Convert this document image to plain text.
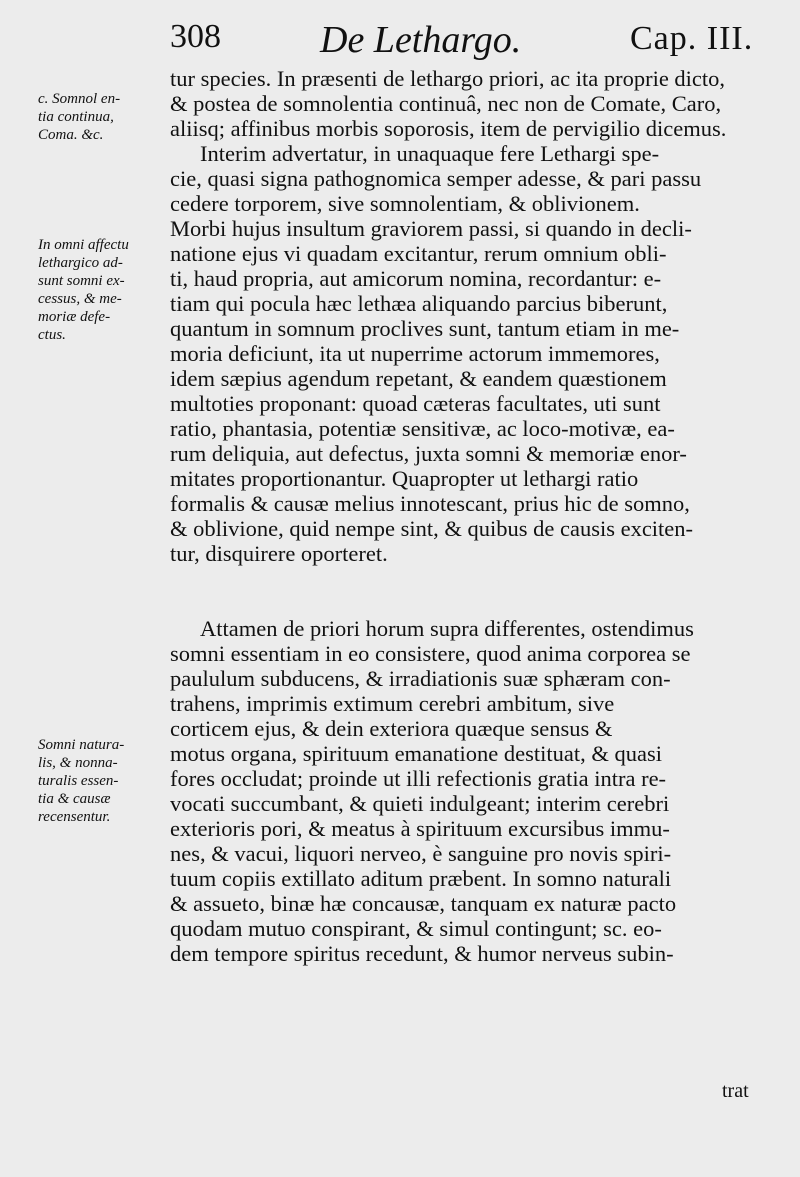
308	De Lethargo.	Cap. III.
c. Somnol en-
tia continua,
Coma. &c.
In omni affectu
lethargico ad-
sunt somni ex-
cessus, & me-
moriæ defe-
ctus.
Somni natura-
lis, & nonna-
turalis essen-
tia & causæ
recensentur.
tur species. In præsenti de lethargo priori, ac ita proprie dicto,
& postea de somnolentia continuâ, nec non de Comate, Caro,
aliisq; affinibus morbis soporosis, item de pervigilio dicemus.
Interim advertatur, in unaquaque fere Lethargi spe-
cie, quasi signa pathognomica semper adesse, & pari passu
cedere torporem, sive somnolentiam, & oblivionem.
Morbi hujus insultum graviorem passi, si quando in decli-
natione ejus vi quadam excitantur, rerum omnium obli-
ti, haud propria, aut amicorum nomina, recordantur: e-
tiam qui pocula hæc lethæa aliquando parcius biberunt,
quantum in somnum proclives sunt, tantum etiam in me-
moria deficiunt, ita ut nuperrime actorum immemores,
idem sæpius agendum repetant, & eandem quæstionem
multoties proponant: quoad cæteras facultates, uti sunt
ratio, phantasia, potentiæ sensitivæ, ac loco-motivæ, ea-
rum deliquia, aut defectus, juxta somni & memoriæ enor-
mitates proportionantur. Quapropter ut lethargi ratio
formalis & causæ melius innotescant, prius hic de somno,
& oblivione, quid nempe sint, & quibus de causis exciten-
tur, disquirere oporteret.
Attamen de priori horum supra differentes, ostendimus
somni essentiam in eo consistere, quod anima corporea se
paululum subducens, & irradiationis suæ sphæram con-
trahens, imprimis extimum cerebri ambitum, sive
corticem ejus, & dein exteriora quæque sensus &
motus organa, spirituum emanatione destituat, & quasi
fores occludat; proinde ut illi refectionis gratia intra re-
vocati succumbant, & quieti indulgeant; interim cerebri
exterioris pori, & meatus à spirituum excursibus immu-
nes, & vacui, liquori nerveo, è sanguine pro novis spiri-
tuum copiis extillato aditum præbent. In somno naturali
& assueto, binæ hæ concausæ, tanquam ex naturæ pacto
quodam mutuo conspirant, & simul contingunt; sc. eo-
dem tempore spiritus recedunt, & humor nerveus subin-
trat
